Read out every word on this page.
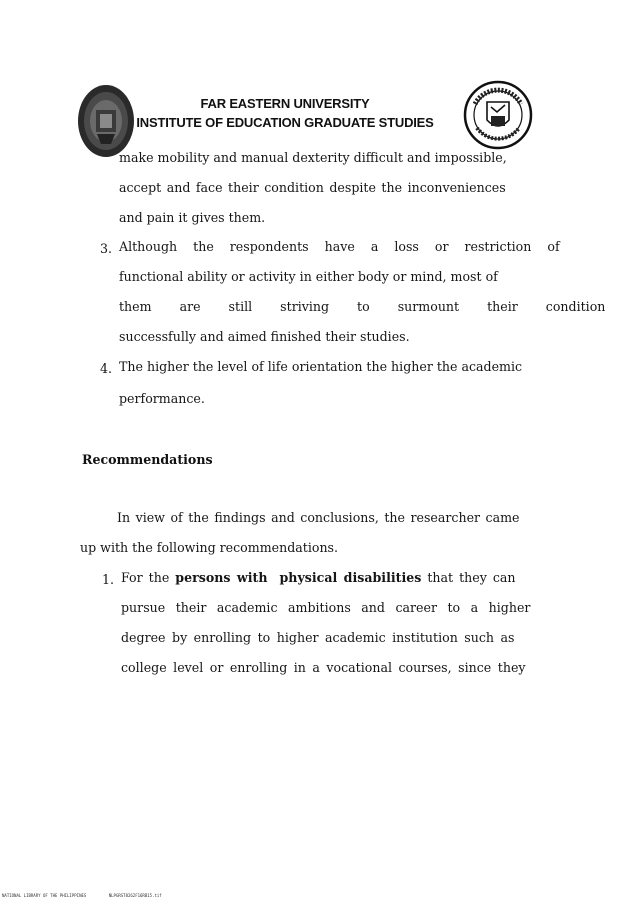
FAR EASTERN UNIVERSITY
INSTITUTE OF EDUCATION GRADUATE STUDIES
make mobility and manual dexterity difficult and impossible,
accept and face their condition despite the inconveniences
and pain it gives them.
3. Although the respondents have a loss or restriction of
functional ability or activity in either body or mind, most of
them are still striving to surmount their condition
successfully and aimed finished their studies.
4. The higher the level of life orientation the higher the academic
performance.
Recommendations
In view of the findings and conclusions, the researcher came
up with the following recommendations.
1. For the persons with physical disabilities that they can
pursue their academic ambitions and career to a higher
degree by enrolling to higher academic institution such as
college level or enrolling in a vocational courses, since they
NATIONAL LIBRARY OF THE PHILIPPINES	NLPGRST8262F16RB15.tif
